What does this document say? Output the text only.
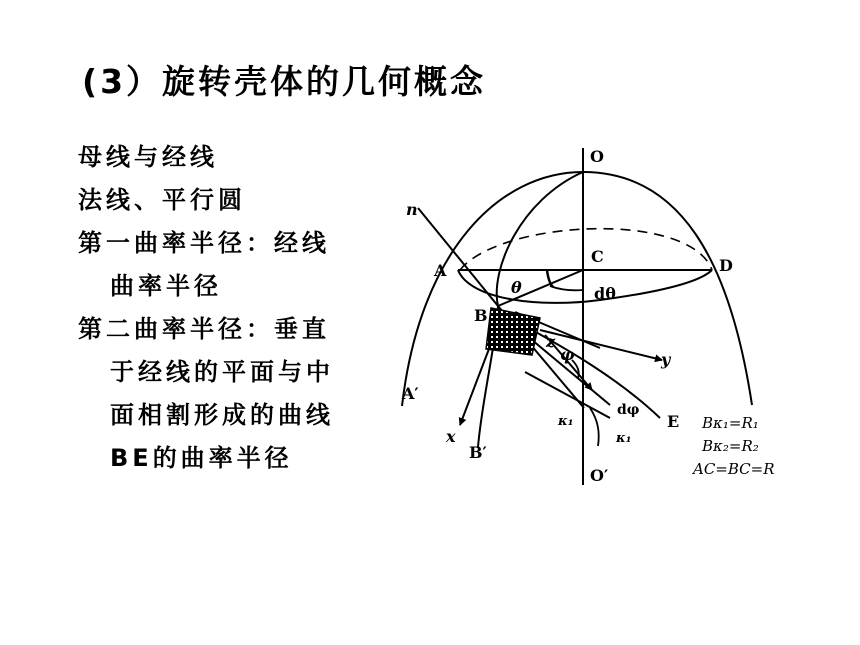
(3）旋转壳体的几何概念
母线与经线
法线、平行圆
第一曲率半径：经线
曲率半径
第二曲率半径：垂直
于经线的平面与中
面相割形成的曲线
BE的曲率半径
O
C	D
A
B
n
θ	dθ
z
φ	y
A′
x
B′
O′
κ₁
κ₁
dφ
E Bκ₁=R₁
Bκ₂=R₂
AC=BC=R
